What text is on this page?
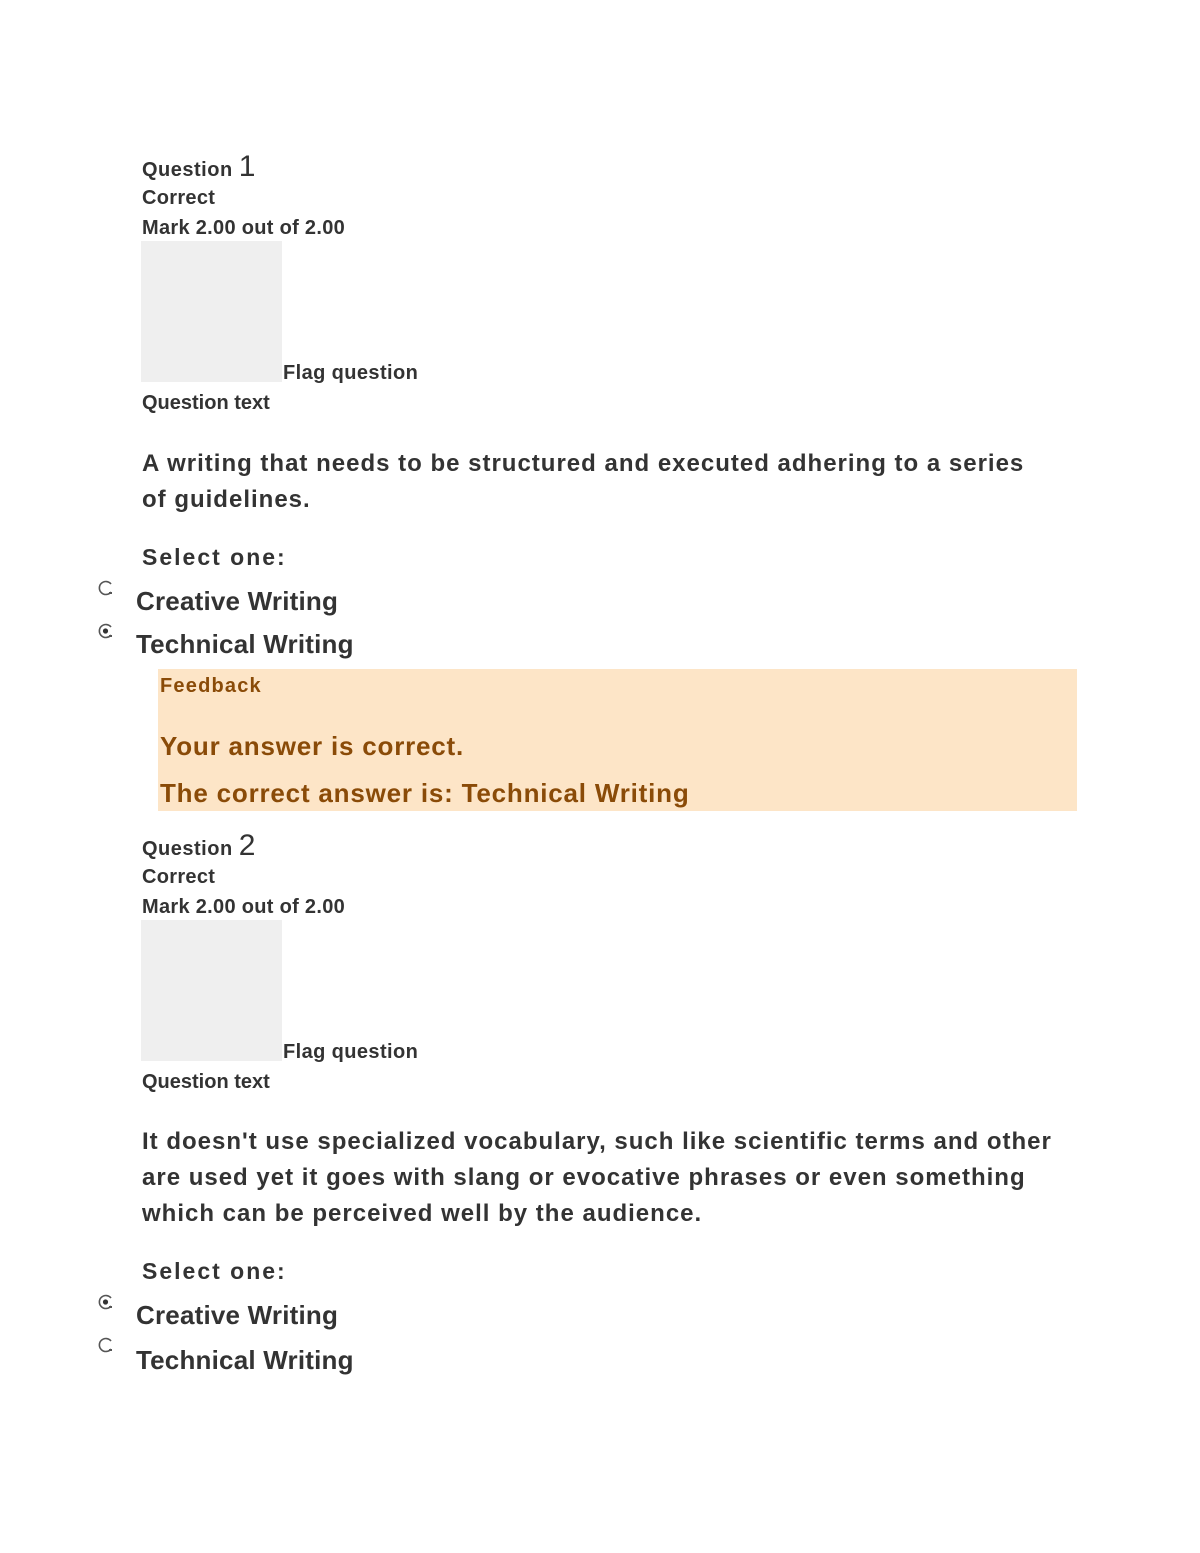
Question 1
Correct
Mark 2.00 out of 2.00
Flag question
Question text
A writing that needs to be structured and executed adhering to a series of guidelines.
Select one:
Creative Writing
Technical Writing
Feedback
Your answer is correct.
The correct answer is: Technical Writing
Question 2
Correct
Mark 2.00 out of 2.00
Flag question
Question text
It doesn't use specialized vocabulary, such like scientific terms and other are used yet it goes with slang or evocative phrases or even something which can be perceived well by the audience.
Select one:
Creative Writing
Technical Writing
